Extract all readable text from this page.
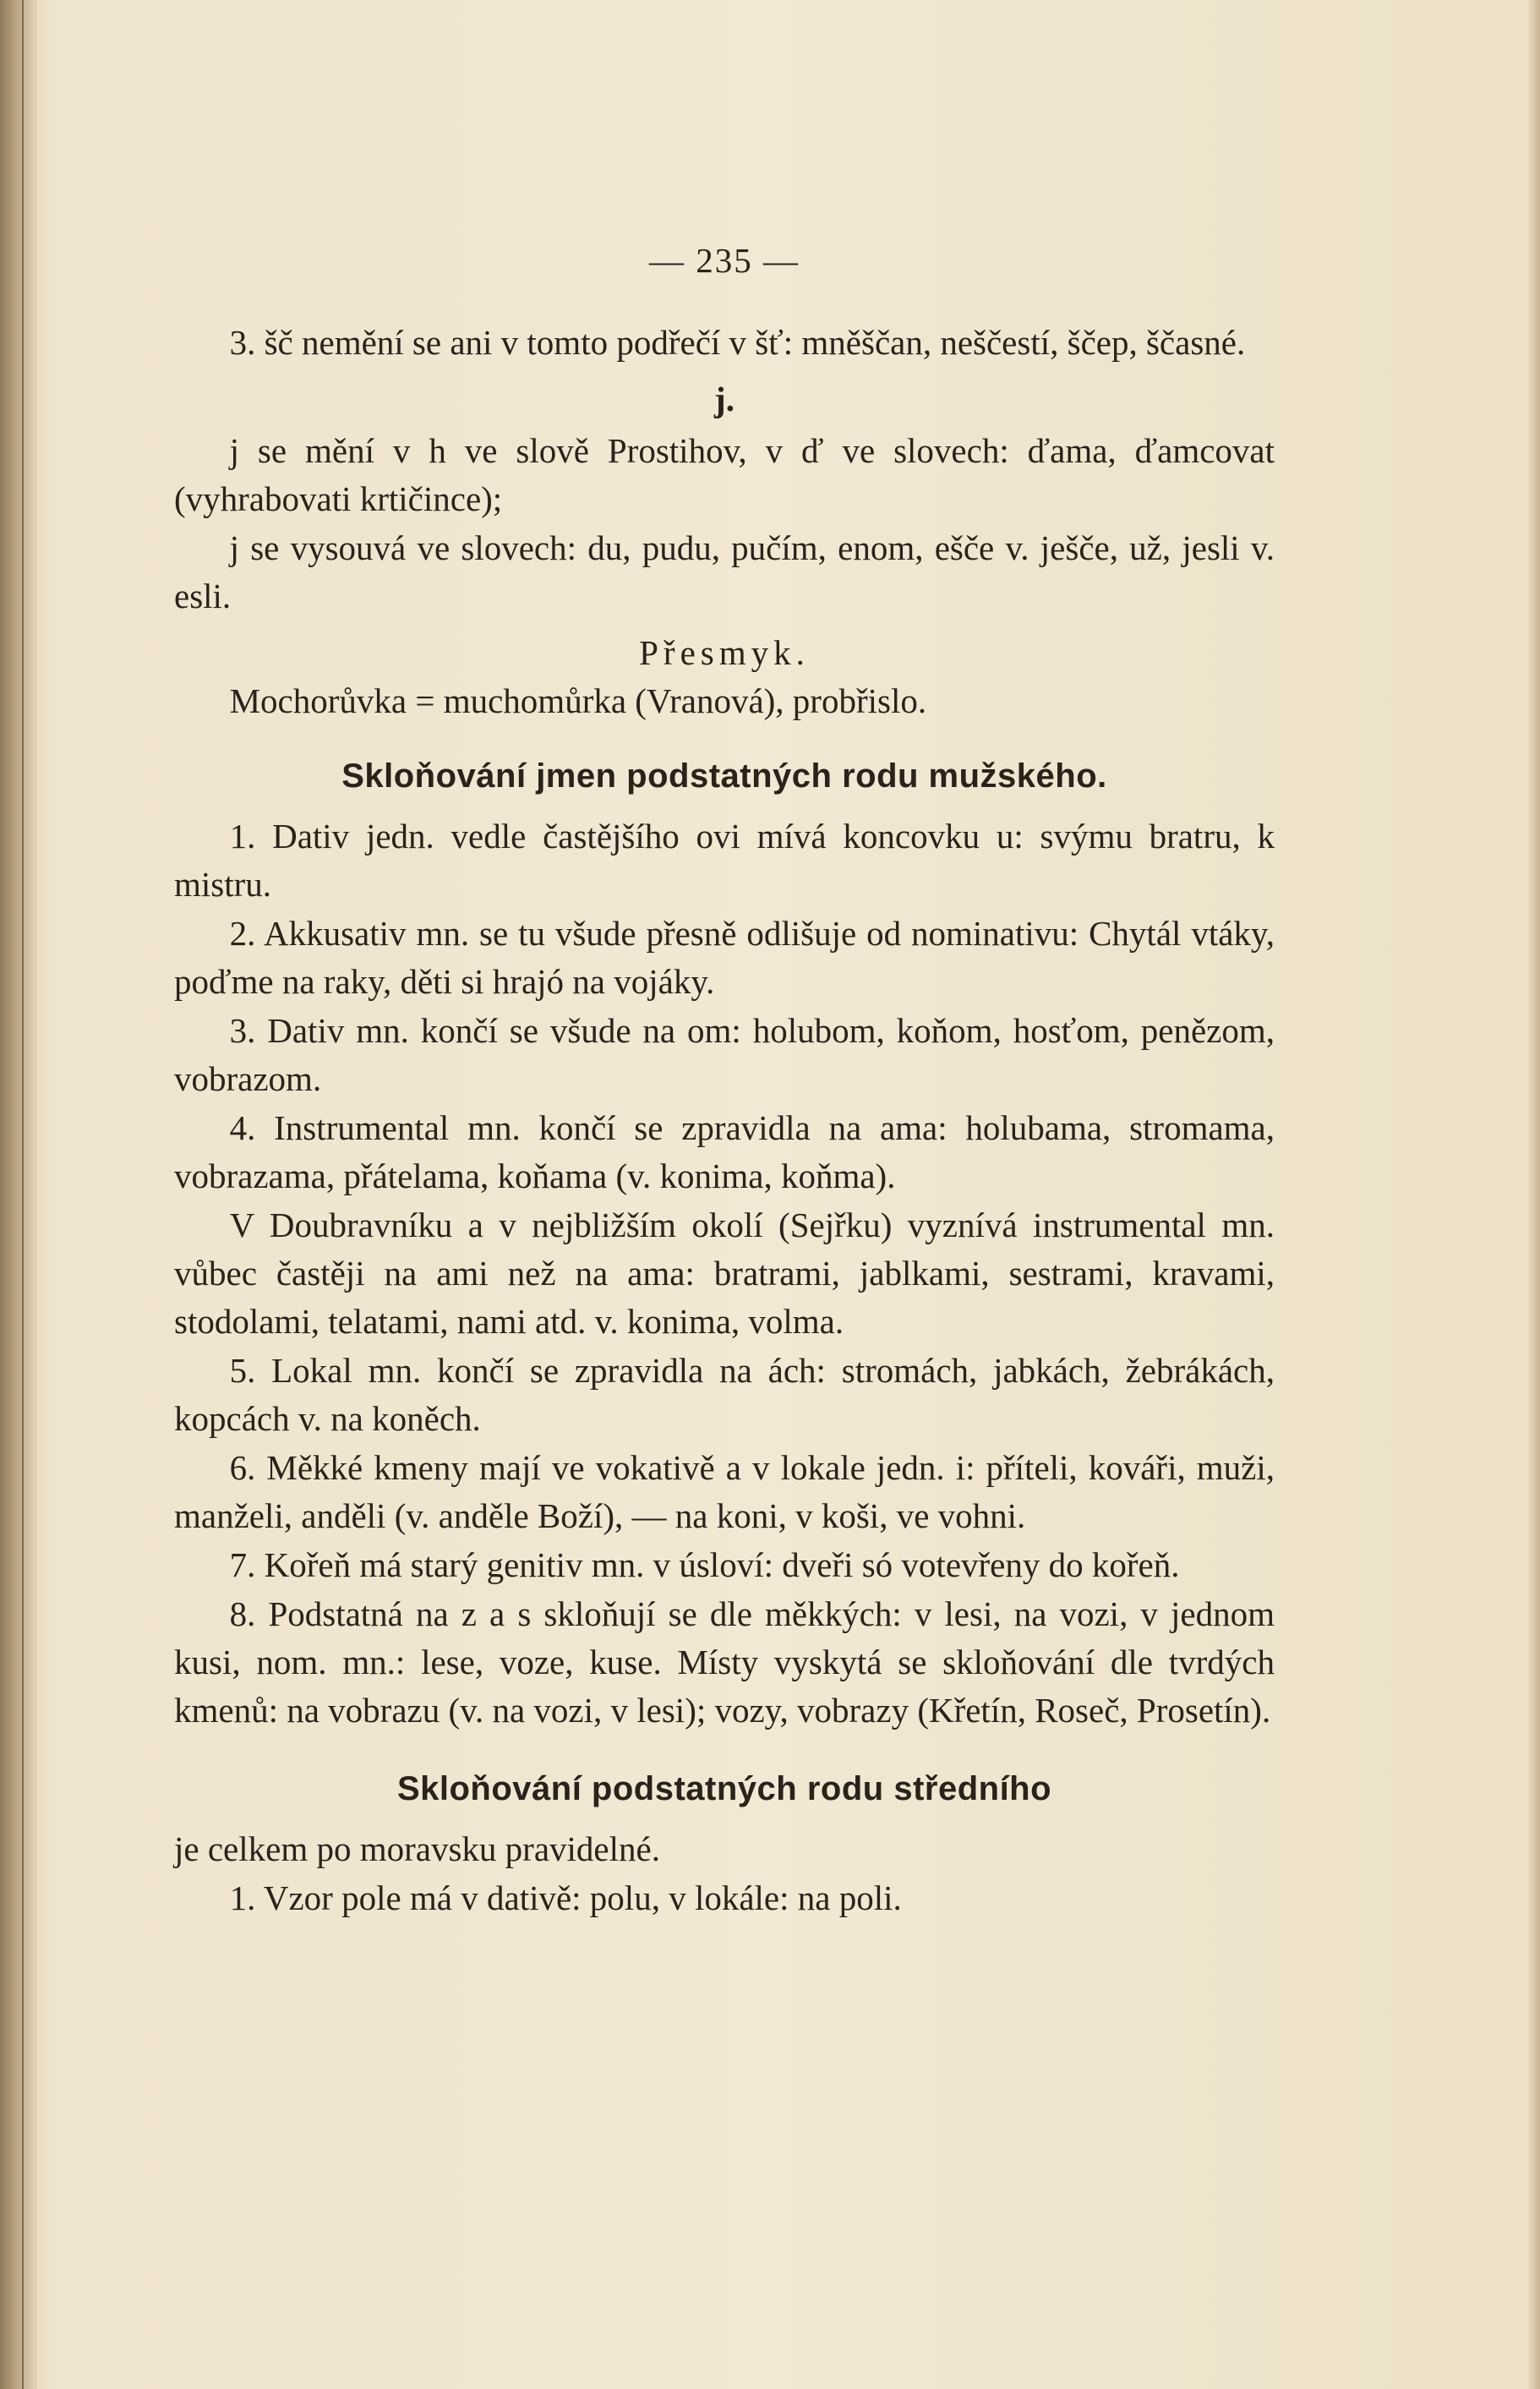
— 235 —

3. šč nemění se ani v tomto podřečí v šť: mněščan, neščestí, ščep, ščasné.

j.

j se mění v h ve slově Prostihov, v ď ve slovech: ďama, ďamcovat (vyhrabovati krtičince);

j se vysouvá ve slovech: du, pudu, pučím, enom, ešče v. ješče, už, jesli v. esli.

Přesmyk.

Mochorůvka = muchomůrka (Vranová), probřislo.

Skloňování jmen podstatných rodu mužského.

1. Dativ jedn. vedle častějšího ovi mívá koncovku u: svýmu bratru, k mistru.

2. Akkusativ mn. se tu všude přesně odlišuje od nominativu: Chytál vtáky, poďme na raky, děti si hrajó na vojáky.

3. Dativ mn. končí se všude na om: holubom, koňom, hosťom, penězom, vobrazom.

4. Instrumental mn. končí se zpravidla na ama: holubama, stromama, vobrazama, přátelama, koňama (v. konima, koňma).

V Doubravníku a v nejbližším okolí (Sejřku) vyznívá instrumental mn. vůbec častěji na ami než na ama: bratrami, jablkami, sestrami, kravami, stodolami, telatami, nami atd. v. konima, volma.

5. Lokal mn. končí se zpravidla na ách: stromách, jabkách, žebrákách, kopcách v. na koněch.

6. Měkké kmeny mají ve vokativě a v lokale jedn. i: příteli, kováři, muži, manželi, anděli (v. anděle Boží), — na koni, v koši, ve vohni.

7. Kořeň má starý genitiv mn. v úsloví: dveři só votevřeny do kořeň.

8. Podstatná na z a s skloňují se dle měkkých: v lesi, na vozi, v jednom kusi, nom. mn.: lese, voze, kuse. Místy vyskytá se skloňování dle tvrdých kmenů: na vobrazu (v. na vozi, v lesi); vozy, vobrazy (Křetín, Roseč, Prosetín).

Skloňování podstatných rodu středního

je celkem po moravsku pravidelné.

1. Vzor pole má v dativě: polu, v lokále: na poli.
